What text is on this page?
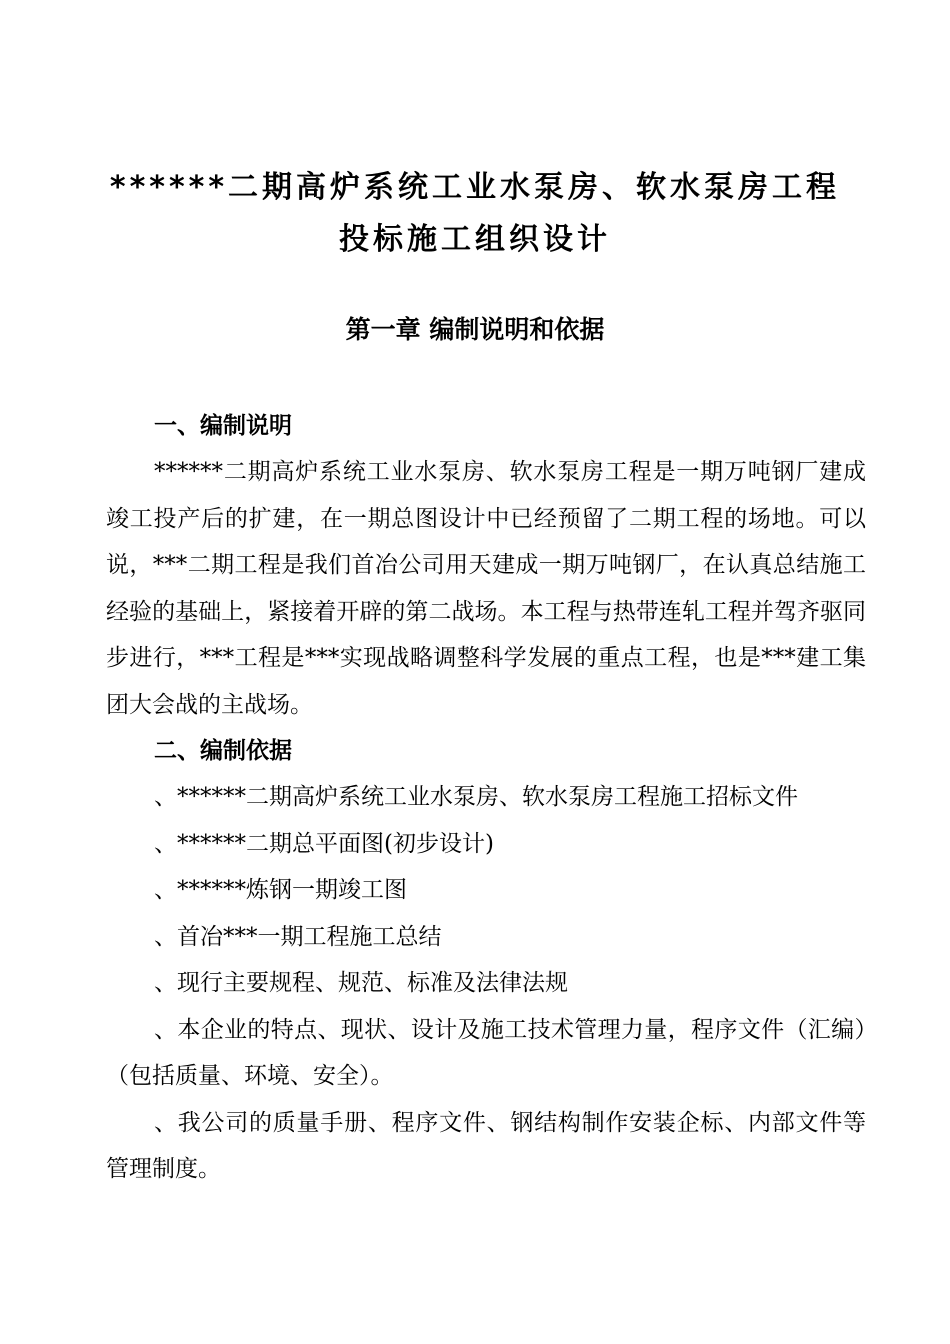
******二期高炉系统工业水泵房、软水泵房工程
投标施工组织设计
第一章 编制说明和依据

一、编制说明

******二期高炉系统工业水泵房、软水泵房工程是一期万吨钢厂建成竣工投产后的扩建，在一期总图设计中已经预留了二期工程的场地。可以说，***二期工程是我们首冶公司用天建成一期万吨钢厂，在认真总结施工经验的基础上，紧接着开辟的第二战场。本工程与热带连轧工程并驾齐驱同步进行，***工程是***实现战略调整科学发展的重点工程，也是***建工集团大会战的主战场。

二、编制依据

、******二期高炉系统工业水泵房、软水泵房工程施工招标文件

、******二期总平面图(初步设计)

、******炼钢一期竣工图

、首冶***一期工程施工总结

、现行主要规程、规范、标准及法律法规

、本企业的特点、现状、设计及施工技术管理力量，程序文件（汇编）（包括质量、环境、安全）。

、我公司的质量手册、程序文件、钢结构制作安装企标、内部文件等管理制度。
